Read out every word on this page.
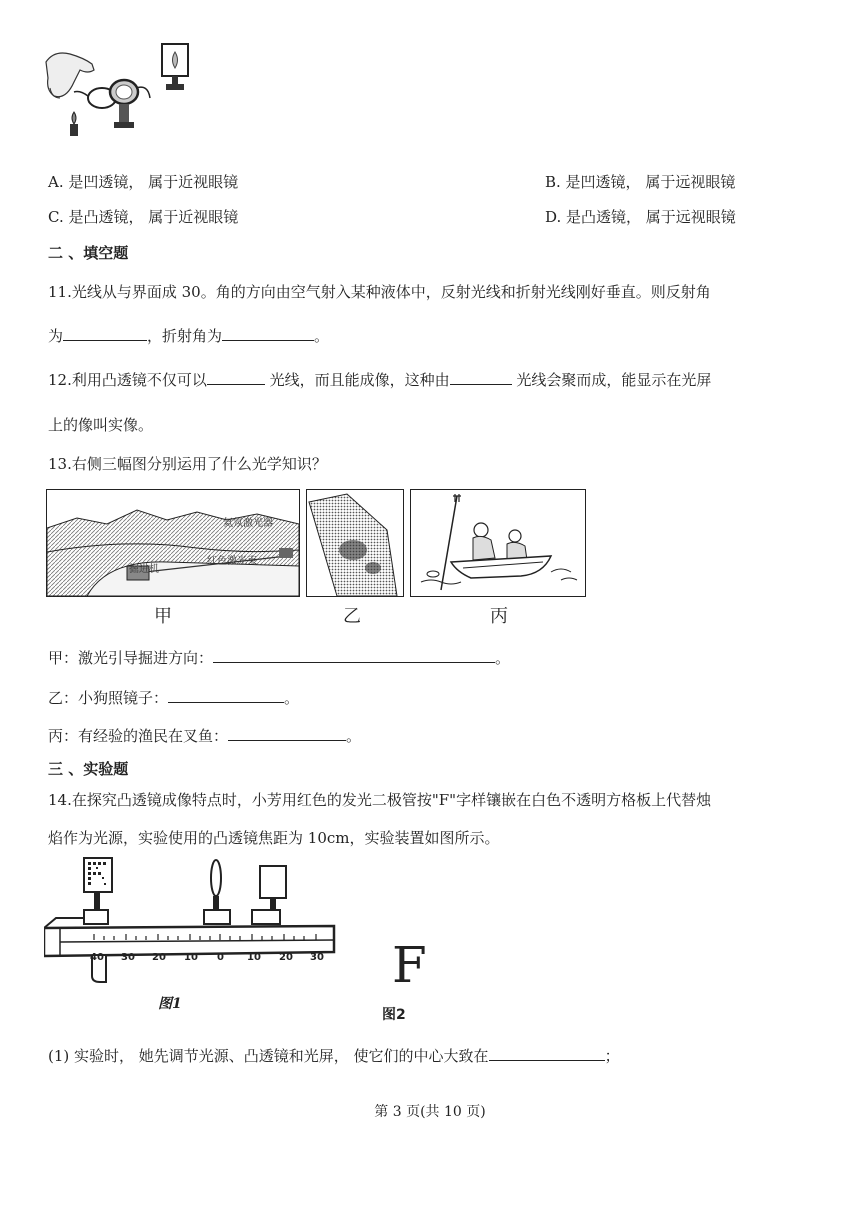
A. 是凹透镜， 属于近视眼镜	B. 是凹透镜， 属于远视眼镜
C. 是凸透镜， 属于近视眼镜	D. 是凸透镜， 属于远视眼镜
二 、填空题
11.光线从与界面成 30。角的方向由空气射入某种液体中，反射光线和折射光线刚好垂直。则反射角
为	，折射角为	。
12.利用凸透镜不仅可以	光线，而且能成像，这种由	光线会聚而成，能显示在光屏
上的像叫实像。
13.右侧三幅图分别运用了什么光学知识？
氦氖激光器
掘进机
红色激光束
甲	乙	丙
甲：激光引导掘进方向：	。
乙：小狗照镜子：	。
丙：有经验的渔民在叉鱼：	。
三 、实验题
14.在探究凸透镜成像特点时，小芳用红色的发光二极管按"F"字样镶嵌在白色不透明方格板上代替烛
焰作为光源，实验使用的凸透镜焦距为 10cm，实验装置如图所示。
40 30 20 10 0 10 20 30
图1
F
图2
(1) 实验时， 她先调节光源、凸透镜和光屏， 使它们的中心大致在	；
第 3 页(共 10 页)
